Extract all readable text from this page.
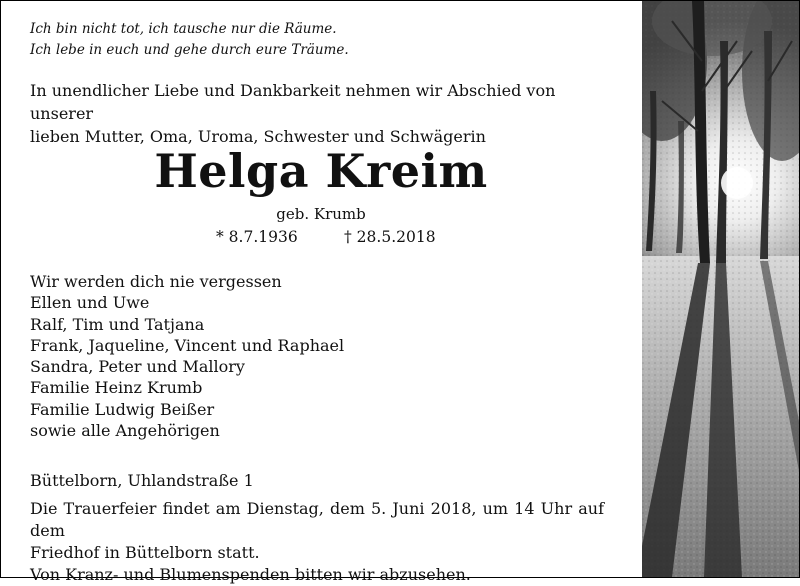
Ich bin nicht tot, ich tausche nur die Räume.
Ich lebe in euch und gehe durch eure Träume.
In unendlicher Liebe und Dankbarkeit nehmen wir Abschied von unserer
lieben Mutter, Oma, Uroma, Schwester und Schwägerin
Helga Kreim
geb. Krumb
* 8.7.1936	† 28.5.2018
Wir werden dich nie vergessen
Ellen und Uwe
Ralf, Tim und Tatjana
Frank, Jaqueline, Vincent und Raphael
Sandra, Peter und Mallory
Familie Heinz Krumb
Familie Ludwig Beißer
sowie alle Angehörigen
Büttelborn, Uhlandstraße 1
Die Trauerfeier findet am Dienstag, dem 5. Juni 2018, um 14 Uhr auf dem
Friedhof in Büttelborn statt.
Von Kranz- und Blumenspenden bitten wir abzusehen.
